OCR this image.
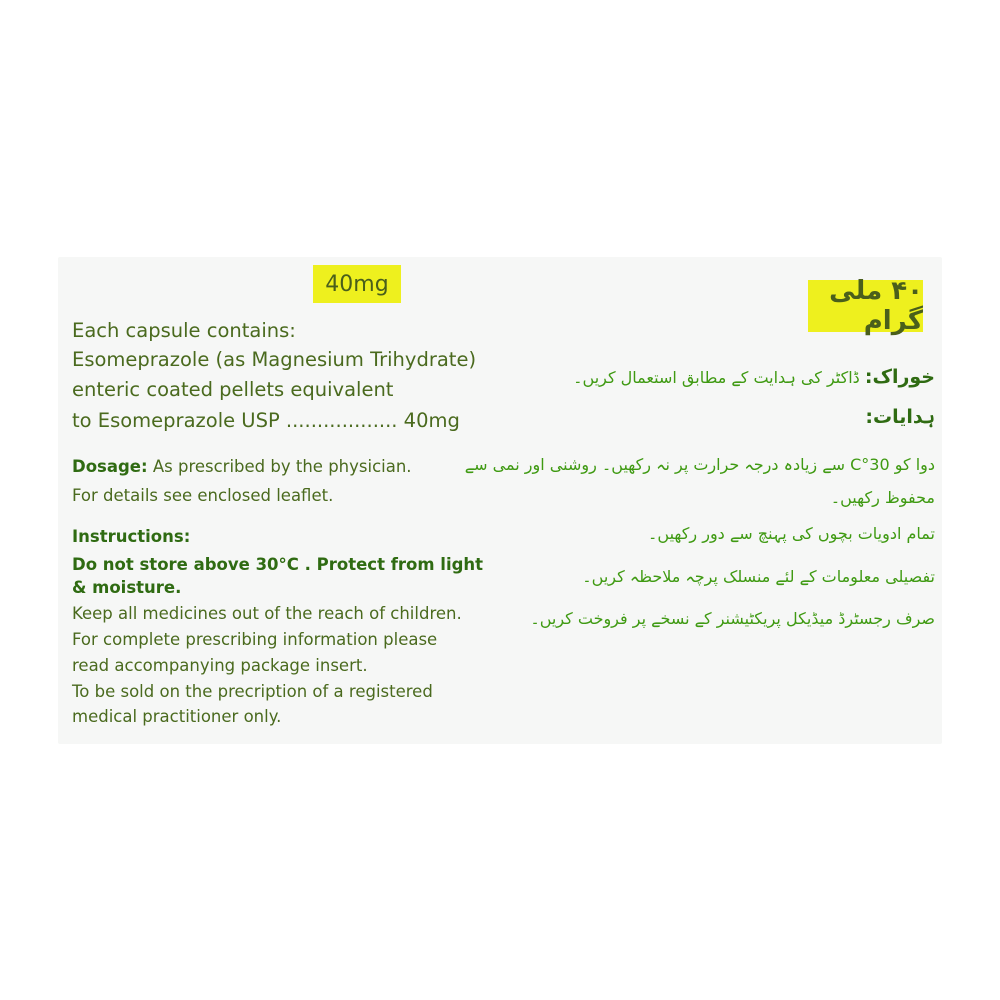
40mg	۴۰ ملی گرام
Each capsule contains:
Esomeprazole (as Magnesium Trihydrate)
enteric coated pellets equivalent
to Esomeprazole USP .................. 40mg
Dosage: As prescribed by the physician.
For details see enclosed leaflet.
Instructions:
Do not store above 30°C . Protect from light
& moisture.
Keep all medicines out of the reach of children.
For complete prescribing information please
read accompanying package insert.
To be sold on the precription of a registered
medical practitioner only.
خوراک: ڈاکٹر کی ہدایت کے مطابق استعمال کریں۔
ہدایات:
دوا کو 30°C سے زیادہ درجہ حرارت پر نہ رکھیں۔ روشنی اور نمی سے
محفوظ رکھیں۔
تمام ادویات بچوں کی پہنچ سے دور رکھیں۔
تفصیلی معلومات کے لئے منسلک پرچہ ملاحظہ کریں۔
صرف رجسٹرڈ میڈیکل پریکٹیشنر کے نسخے پر فروخت کریں۔
